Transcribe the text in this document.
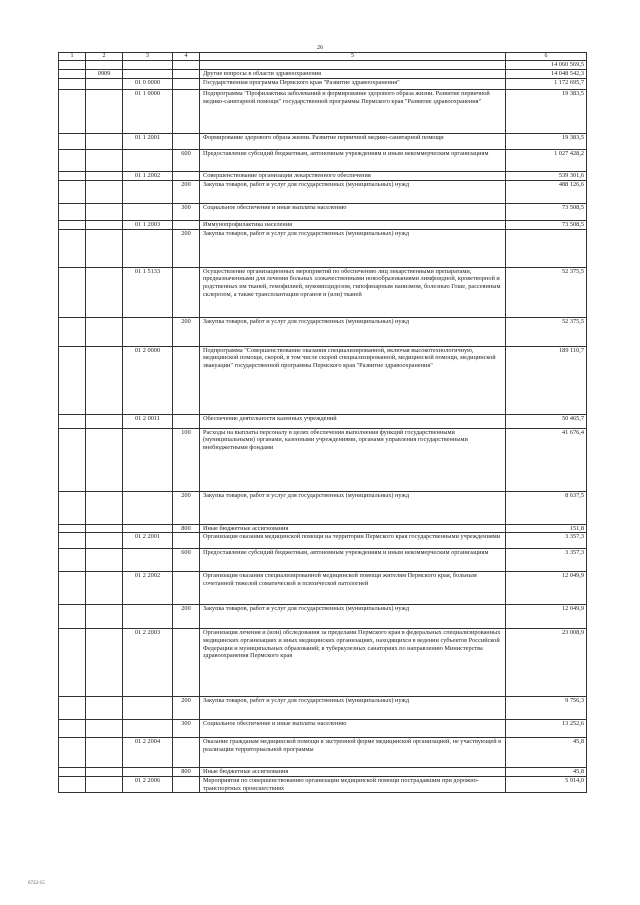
26
1	2	3	4	5	6
					14 060 569,5
	0909			Другие вопросы в области здравоохранения	14 048 542,3
		01 0 0000		Государственная программа Пермского края "Развитие здравоохранения"	1 172 695,7
		01 1 0000		Подпрограмма "Профилактика заболеваний и формирование здорового образа жизни. Развитие первичной медико-санитарной помощи" государственной программы Пермского края "Развитие здравоохранения"	19 383,5
		01 1 2001		Формирование здорового образа жизни. Развитие первичной медико-санитарной помощи	19 383,5
			600	Предоставление субсидий бюджетным, автономным учреждениям и иным некоммерческим организациям	1 027 428,2
		01 1 2002		Совершенствование организации лекарственного обеспечения	539 301,6
			200	Закупка товаров, работ и услуг для государственных (муниципальных) нужд	488 126,6
			300	Социальное обеспечение и иные выплаты населению	73 508,5
		01 1 2003		Иммунопрофилактика населения	73 508,5
			200	Закупка товаров, работ и услуг для государственных (муниципальных) нужд	
		01 1 5133		Осуществление организационных мероприятий по обеспечению лиц лекарственными препаратами, предназначенными для лечения больных злокачественными новообразованиями лимфоидной, кроветворной и родственных им тканей, гемофилией, муковисцидозом, гипофизарным нанизмом, болезнью Гоше, рассеянным склерозом, а также трансплантации органов и (или) тканей	52 375,5
			200	Закупка товаров, работ и услуг для государственных (муниципальных) нужд	52 375,5
		01 2 0000		Подпрограмма "Совершенствование оказания специализированной, включая высокотехнологичную, медицинской помощи, скорой, в том числе скорой специализированной, медицинской помощи, медицинской эвакуации" государственной программы Пермского края "Развитие здравоохранения"	189 110,7
		01 2 0011		Обеспечение деятельности казенных учреждений	50 465,7
			100	Расходы на выплаты персоналу в целях обеспечения выполнения функций государственными (муниципальными) органами, казенными учреждениями, органами управления государственными внебюджетными фондами	41 676,4
			200	Закупка товаров, работ и услуг для государственных (муниципальных) нужд	8 637,5
			800	Иные бюджетные ассигнования	151,8
		01 2 2001		Организация оказания медицинской помощи на территории Пермского края государственными учреждениями	3 357,3
			600	Предоставление субсидий бюджетным, автономным учреждениям и иным некоммерческим организациям	3 357,3
		01 2 2002		Организация оказания специализированной медицинской помощи жителям Пермского края, больным сочетанной тяжелой соматической и психической патологией	12 049,9
			200	Закупка товаров, работ и услуг для государственных (муниципальных) нужд	12 049,9
		01 2 2003		Организация лечения и (или) обследования за пределами Пермского края в федеральных специализированных медицинских организациях и иных медицинских организациях, находящихся в ведении субъектов Российской Федерации и муниципальных образований; в туберкулезных санаториях по направлению Министерства здравоохранения Пермского края	23 008,9
			200	Закупка товаров, работ и услуг для государственных (муниципальных) нужд	9 756,3
			300	Социальное обеспечение и иные выплаты населению	13 252,6
		01 2 2004		Оказание гражданам медицинской помощи в экстренной форме медицинской организацией, не участвующей в реализации территориальной программы	45,8
			800	Иные бюджетные ассигнования	45,8
		01 2 2006		Мероприятия по совершенствованию организации медицинской помощи пострадавшим при дорожно-транспортных происшествиях	5 914,0
6722-15
